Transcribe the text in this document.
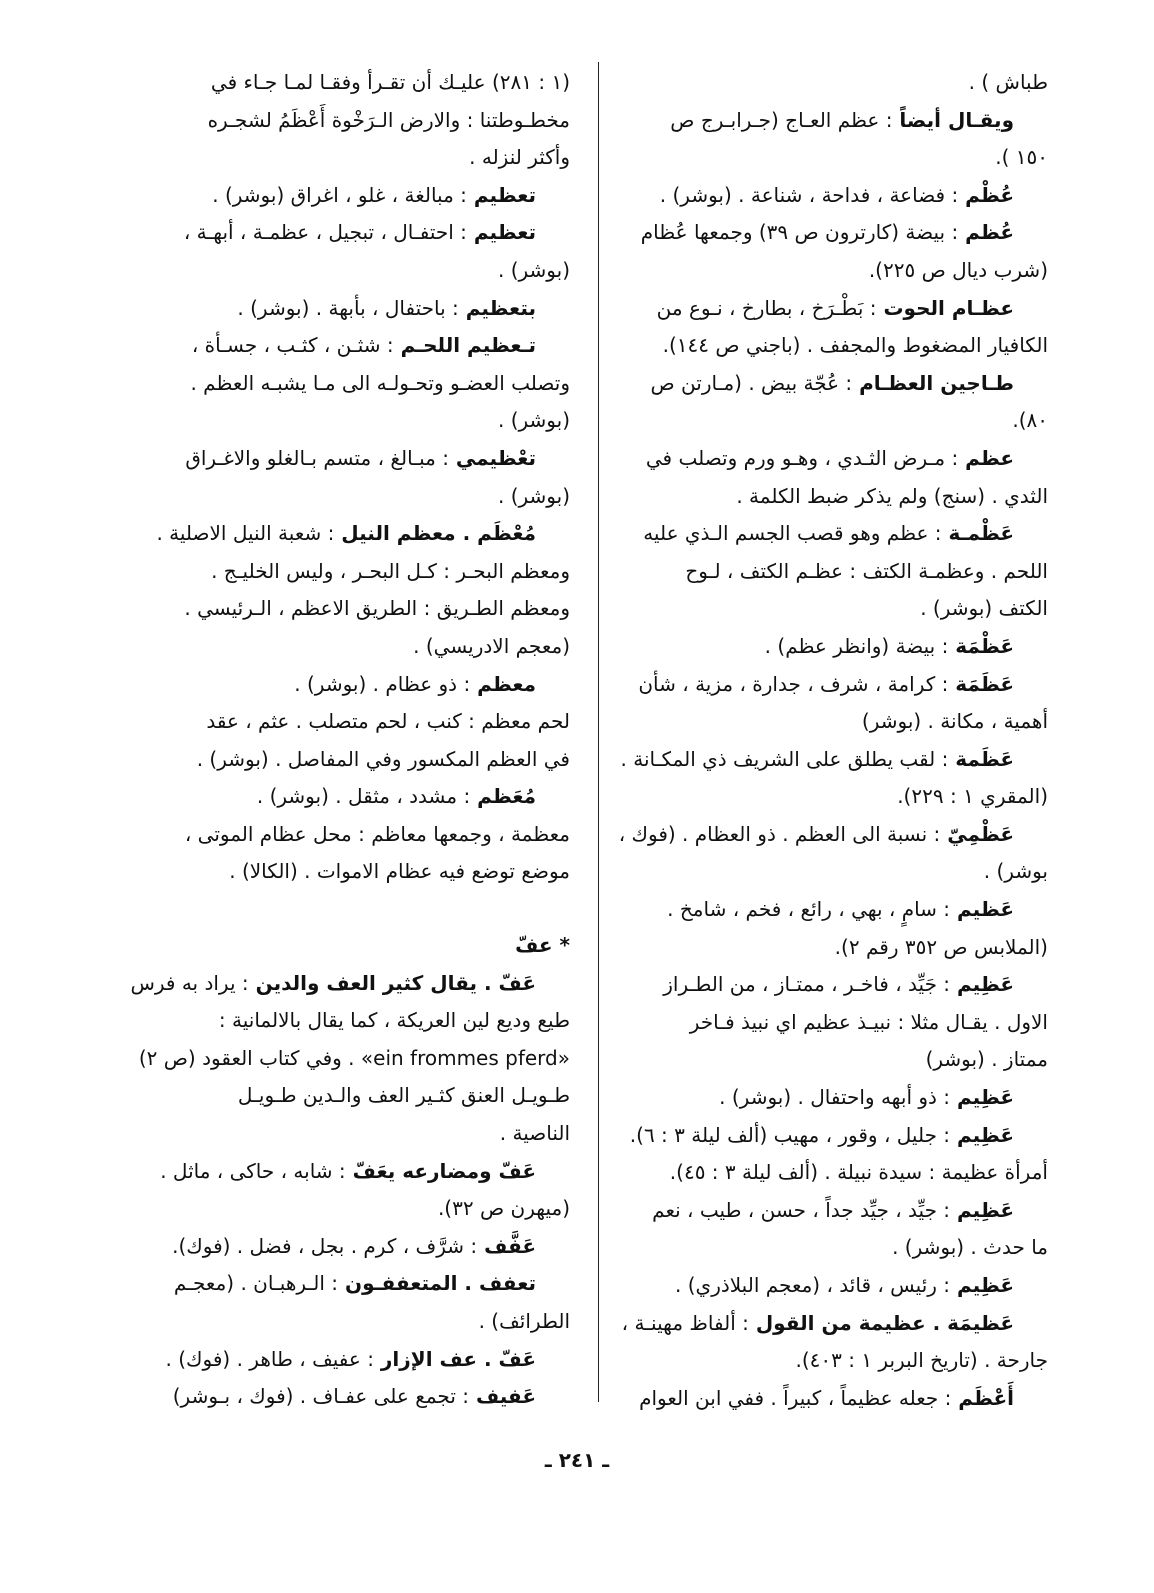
طباش ) .
ويقـال أيضاً : عظم العـاج (جـرابـرج ص
١٥٠ ).
عُظْم : فضاعة ، فداحة ، شناعة . (بوشر) .
عُظم : بيضة (كارترون ص ٣٩) وجمعها عُظام
(شرب ديال ص ٢٢٥).
عظـام الحوت : بَطْـرَخ ، بطارخ ، نـوع من
الكافيار المضغوط والمجفف . (باجني ص ١٤٤).
طـاجين العظـام : عُجّة بيض . (مـارتن ص
٨٠).
عظم : مـرض الثـدي ، وهـو ورم وتصلب في
الثدي . (سنج) ولم يذكر ضبط الكلمة .
عَظْمـة : عظم وهو قصب الجسم الـذي عليه
اللحم . وعظمـة الكتف : عظـم الكتف ، لـوح
الكتف (بوشر) .
عَظْمَة : بيضة (وانظر عظم) .
عَظَمَة : كرامة ، شرف ، جدارة ، مزية ، شأن
أهمية ، مكانة . (بوشر)
عَظَمة : لقب يطلق على الشريف ذي المكـانة .
(المقري ١ : ٢٢٩).
عَظْمِيّ : نسبة الى العظم . ذو العظام . (فوك ،
بوشر) .
عَظيم : سامٍ ، بهي ، رائع ، فخم ، شامخ .
(الملابس ص ٣٥٢ رقم ٢).
عَظِيم : جَيِّد ، فاخـر ، ممتـاز ، من الطـراز
الاول . يقـال مثلا : نبيـذ عظيم اي نبيذ فـاخر
ممتاز . (بوشر)
عَظِيم : ذو أبهه واحتفال . (بوشر) .
عَظِيم : جليل ، وقور ، مهيب (ألف ليلة ٣ : ٦).
أمرأة عظيمة : سيدة نبيلة . (ألف ليلة ٣ : ٤٥).
عَظِيم : جيِّد ، جيِّد جداً ، حسن ، طيب ، نعم
ما حدث . (بوشر) .
عَظِيم : رئيس ، قائد ، (معجم البلاذري) .
عَظيمَة . عظيمة من القول : ألفاظ مهينـة ،
جارحة . (تاريخ البربر ١ : ٤٠٣).
أَعْظَم : جعله عظيماً ، كبيراً . ففي ابن العوام
(١ : ٢٨١) عليـك أن تقـرأ وفقـا لمـا جـاء في
مخطـوطتنا : والارض الـرَخْوة أَعْظَمُ لشجـره
وأكثر لنزله .
تعظيم : مبالغة ، غلو ، اغراق (بوشر) .
تعظيم : احتفـال ، تبجيل ، عظمـة ، أبهـة ،
(بوشر) .
بتعظيم : باحتفال ، بأبهة . (بوشر) .
تـعظيم اللحـم : شثـن ، كثـب ، جسـأة ،
وتصلب العضـو وتحـولـه الى مـا يشبـه العظم .
(بوشر) .
تعْظيمي : مبـالغ ، متسم بـالغلو والاغـراق
(بوشر) .
مُعْظَم . معظم النيل : شعبة النيل الاصلية .
ومعظم البحـر : كـل البحـر ، وليس الخليـج .
ومعظم الطـريق : الطريق الاعظم ، الـرئيسي .
(معجم الادريسي) .
معظم : ذو عظام . (بوشر) .
لحم معظم : كنب ، لحم متصلب . عثم ، عقد
في العظم المكسور وفي المفاصل . (بوشر) .
مُعَظم : مشدد ، مثقل . (بوشر) .
معظمة ، وجمعها معاظم : محل عظام الموتى ،
موضع توضع فيه عظام الاموات . (الكالا) .
* عفّ
عَفّ . يقال كثير العف والدين : يراد به فرس
طيع وديع لين العريكة ، كما يقال بالالمانية :
«ein frommes pferd» . وفي كتاب العقود (ص ٢)
طـويـل العنق كثـير العف والـدين طـويـل
الناصية .
عَفّ ومضارعه يعَفّ : شابه ، حاكى ، ماثل .
(ميهرن ص ٣٢).
عَفَّف : شرَّف ، كرم . بجل ، فضل . (فوك).
تعفف . المتعففـون : الـرهبـان . (معجـم
الطرائف) .
عَفّ . عف الإزار : عفيف ، طاهر . (فوك) .
عَفيف : تجمع على عفـاف . (فوك ، بـوشر)
ـ ٢٤١ ـ
